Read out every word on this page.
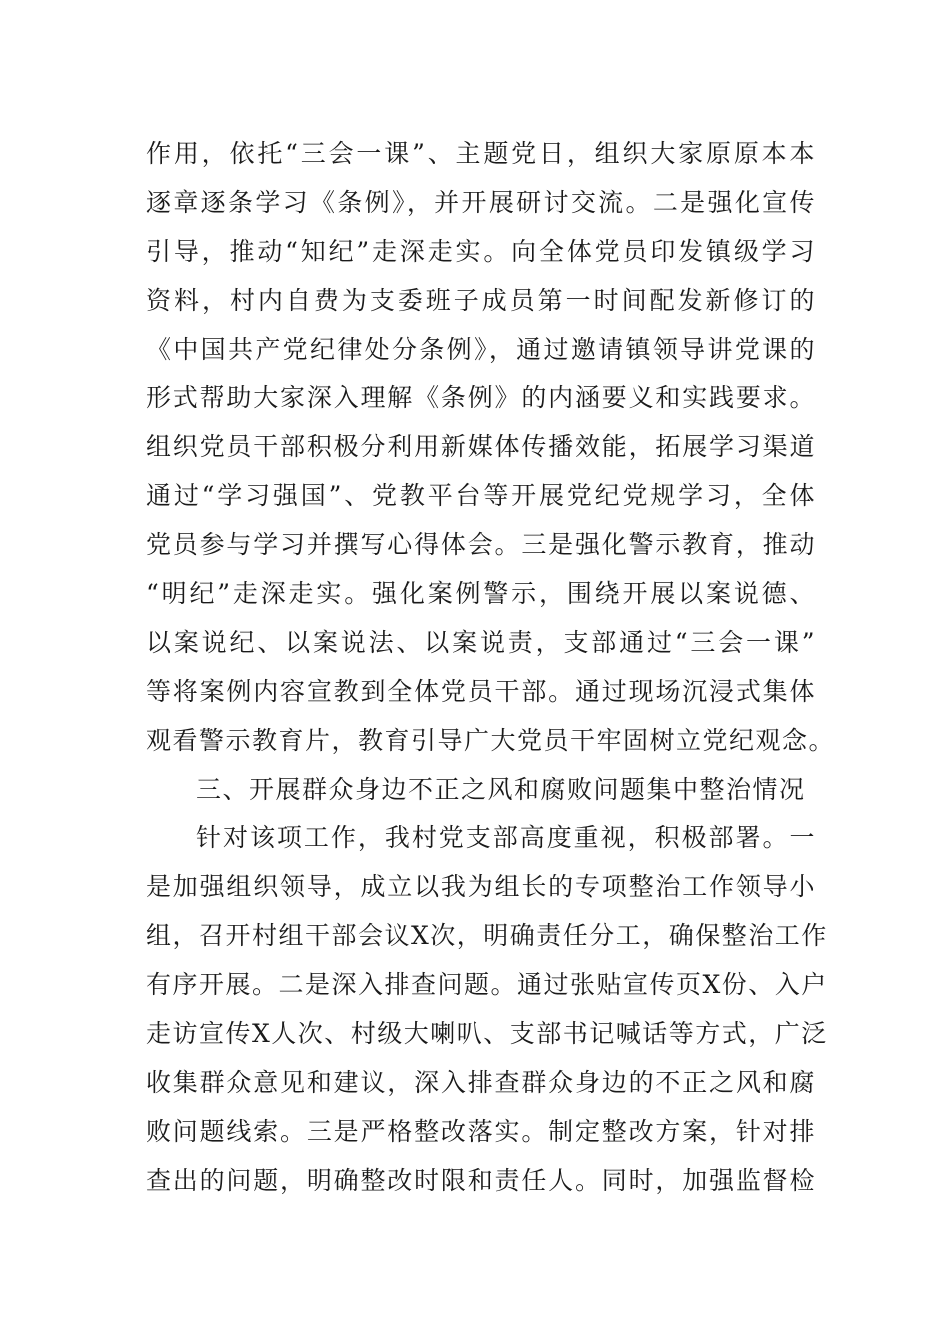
作用，依托“三会一课”、主题党日，组织大家原原本本
逐章逐条学习《条例》，并开展研讨交流。二是强化宣传
引导，推动“知纪”走深走实。向全体党员印发镇级学习
资料，村内自费为支委班子成员第一时间配发新修订的
《中国共产党纪律处分条例》，通过邀请镇领导讲党课的
形式帮助大家深入理解《条例》的内涵要义和实践要求。
组织党员干部积极分利用新媒体传播效能，拓展学习渠道
通过“学习强国”、党教平台等开展党纪党规学习，全体
党员参与学习并撰写心得体会。三是强化警示教育，推动
“明纪”走深走实。强化案例警示，围绕开展以案说德、
以案说纪、以案说法、以案说责，支部通过“三会一课”
等将案例内容宣教到全体党员干部。通过现场沉浸式集体
观看警示教育片，教育引导广大党员干牢固树立党纪观念。
三、开展群众身边不正之风和腐败问题集中整治情况
针对该项工作，我村党支部高度重视，积极部署。一
是加强组织领导，成立以我为组长的专项整治工作领导小
组，召开村组干部会议X次，明确责任分工，确保整治工作
有序开展。二是深入排查问题。通过张贴宣传页X份、入户
走访宣传X人次、村级大喇叭、支部书记喊话等方式，广泛
收集群众意见和建议，深入排查群众身边的不正之风和腐
败问题线索。三是严格整改落实。制定整改方案，针对排
查出的问题，明确整改时限和责任人。同时，加强监督检
